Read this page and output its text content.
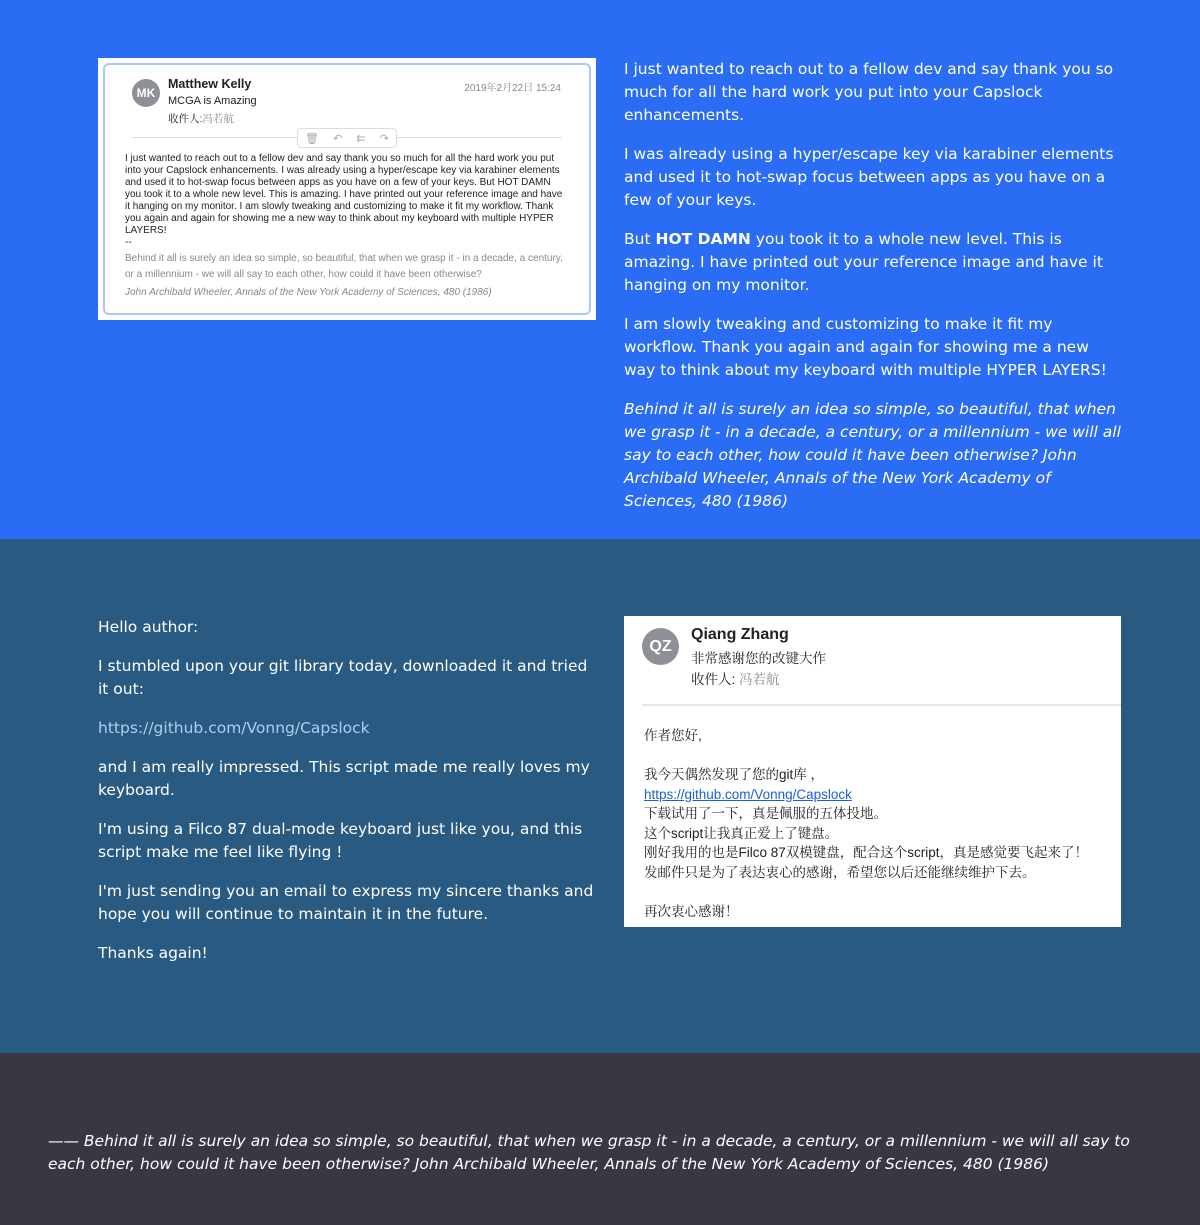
MK
Matthew Kelly
MCGA is Amazing
收件人:冯若航
2019年2月22日 15:24
🗑 ↶ ⇇ ↷
I just wanted to reach out to a fellow dev and say thank you so much for all the hard work you put into your Capslock enhancements. I was already using a hyper/escape key via karabiner elements and used it to hot-swap focus between apps as you have on a few of your keys. But HOT DAMN you took it to a whole new level. This is amazing. I have printed out your reference image and have it hanging on my monitor. I am slowly tweaking and customizing to make it fit my workflow. Thank you again and again for showing me a new way to think about my keyboard with multiple HYPER LAYERS!
--
Behind it all is surely an idea so simple, so beautiful, that when we grasp it - in a decade, a century, or a millennium - we will all say to each other, how could it have been otherwise?
John Archibald Wheeler, Annals of the New York Academy of Sciences, 480 (1986)

I just wanted to reach out to a fellow dev and say thank you so much for all the hard work you put into your Capslock enhancements.

I was already using a hyper/escape key via karabiner elements and used it to hot-swap focus between apps as you have on a few of your keys.

But HOT DAMN you took it to a whole new level. This is amazing. I have printed out your reference image and have it hanging on my monitor.

I am slowly tweaking and customizing to make it fit my workflow. Thank you again and again for showing me a new way to think about my keyboard with multiple HYPER LAYERS!

Behind it all is surely an idea so simple, so beautiful, that when we grasp it - in a decade, a century, or a millennium - we will all say to each other, how could it have been otherwise? John Archibald Wheeler, Annals of the New York Academy of Sciences, 480 (1986)

Hello author:

I stumbled upon your git library today, downloaded it and tried it out:

https://github.com/Vonng/Capslock

and I am really impressed. This script made me really loves my keyboard.

I'm using a Filco 87 dual-mode keyboard just like you, and this script make me feel like flying !

I'm just sending you an email to express my sincere thanks and hope you will continue to maintain it in the future.

Thanks again!

QZ
Qiang Zhang
非常感谢您的改键大作
收件人: 冯若航
作者您好,

我今天偶然发现了您的git库 ，
https://github.com/Vonng/Capslock
下载试用了一下，真是佩服的五体投地。
这个script让我真正爱上了键盘。
刚好我用的也是Filco 87双模键盘，配合这个script，真是感觉要飞起来了！
发邮件只是为了表达衷心的感谢，希望您以后还能继续维护下去。

再次衷心感谢！

—— Behind it all is surely an idea so simple, so beautiful, that when we grasp it - in a decade, a century, or a millennium - we will all say to each other, how could it have been otherwise? John Archibald Wheeler, Annals of the New York Academy of Sciences, 480 (1986)
